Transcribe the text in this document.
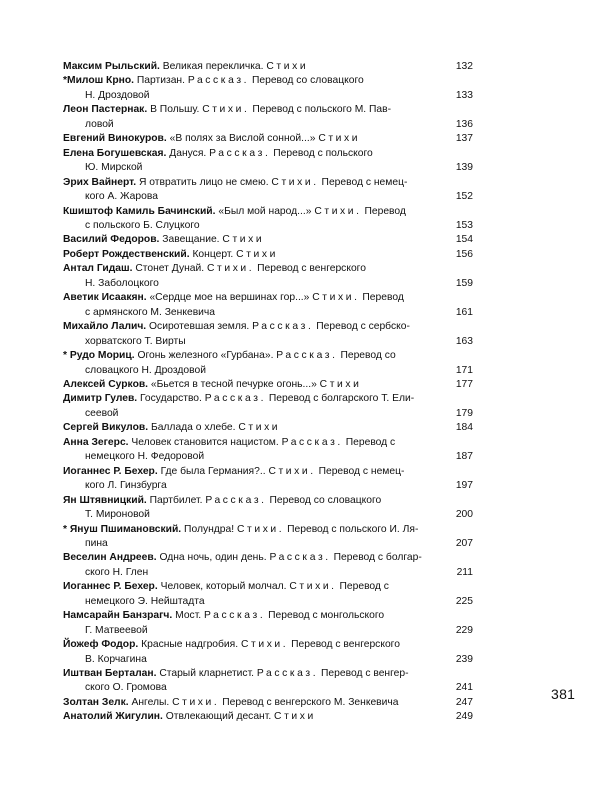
Максим Рыльский. Великая перекличка. Стихи	132
*Милош Крно. Партизан. Рассказ. Перевод со словацкого
Н. Дроздовой	133
Леон Пастернак. В Польшу. Стихи. Перевод с польского М. Пав-
ловой	136
Евгений Винокуров. «В полях за Вислой сонной...» Стихи	137
Елена Богушевская. Дануся. Рассказ. Перевод с польского
Ю. Мирской	139
Эрих Вайнерт. Я отвратить лицо не смею. Стихи. Перевод с немец-
кого А. Жарова	152
Кшиштоф Камиль Бачинский. «Был мой народ...» Стихи. Перевод
с польского Б. Слуцкого	153
Василий Федоров. Завещание. Стихи	154
Роберт Рождественский. Концерт. Стихи	156
Антал Гидаш. Стонет Дунай. Стихи. Перевод с венгерского
Н. Заболоцкого	159
Аветик Исаакян. «Сердце мое на вершинах гор...» Стихи. Перевод
с армянского М. Зенкевича	161
Михайло Лалич. Осиротевшая земля. Рассказ. Перевод с сербско-
хорватского Т. Вирты	163
* Рудо Мориц. Огонь железного «Гурбана». Рассказ. Перевод со
словацкого Н. Дроздовой	171
Алексей Сурков. «Бьется в тесной печурке огонь...» Стихи	177
Димитр Гулев. Государство. Рассказ. Перевод с болгарского Т. Ели-
сеевой	179
Сергей Викулов. Баллада о хлебе. Стихи	184
Анна Зегерс. Человек становится нацистом. Рассказ. Перевод с
немецкого Н. Федоровой	187
Иоганнес Р. Бехер. Где была Германия?.. Стихи. Перевод с немец-
кого Л. Гинзбурга	197
Ян Штявницкий. Партбилет. Рассказ. Перевод со словацкого
Т. Мироновой	200
* Януш Пшимановский. Полундра! Стихи. Перевод с польского И. Ля-
пина	207
Веселин Андреев. Одна ночь, один день. Рассказ. Перевод с болгар-
ского Н. Глен	211
Иоганнес Р. Бехер. Человек, который молчал. Стихи. Перевод с
немецкого Э. Нейштадта	225
Намсарайн Банзрагч. Мост. Рассказ. Перевод с монгольского
Г. Матвеевой	229
Йожеф Фодор. Красные надгробия. Стихи. Перевод с венгерского
В. Корчагина	239
Иштван Берталан. Старый кларнетист. Рассказ. Перевод с венгер-
ского О. Громова	241
Золтан Зелк. Ангелы. Стихи. Перевод с венгерского М. Зенкевича	247
Анатолий Жигулин. Отвлекающий десант. Стихи	249
381
